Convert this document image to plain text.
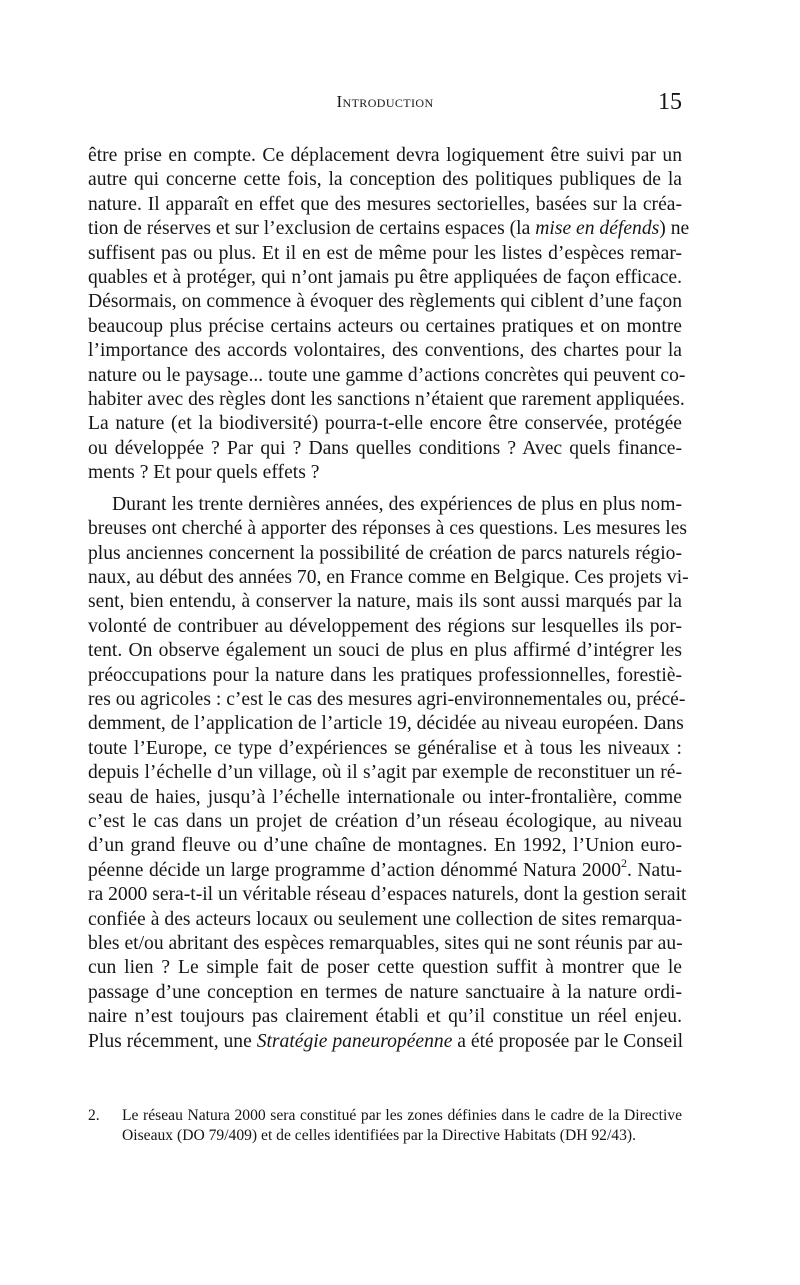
Introduction	15
être prise en compte. Ce déplacement devra logiquement être suivi par un
autre qui concerne cette fois, la conception des politiques publiques de la
nature. Il apparaît en effet que des mesures sectorielles, basées sur la créa-
tion de réserves et sur l’exclusion de certains espaces (la mise en défends) ne
suffisent pas ou plus. Et il en est de même pour les listes d’espèces remar-
quables et à protéger, qui n’ont jamais pu être appliquées de façon efficace.
Désormais, on commence à évoquer des règlements qui ciblent d’une façon
beaucoup plus précise certains acteurs ou certaines pratiques et on montre
l’importance des accords volontaires, des conventions, des chartes pour la
nature ou le paysage... toute une gamme d’actions concrètes qui peuvent co-
habiter avec des règles dont les sanctions n’étaient que rarement appliquées.
La nature (et la biodiversité) pourra-t-elle encore être conservée, protégée
ou développée ? Par qui ? Dans quelles conditions ? Avec quels finance-
ments ? Et pour quels effets ?
Durant les trente dernières années, des expériences de plus en plus nom-
breuses ont cherché à apporter des réponses à ces questions. Les mesures les
plus anciennes concernent la possibilité de création de parcs naturels régio-
naux, au début des années 70, en France comme en Belgique. Ces projets vi-
sent, bien entendu, à conserver la nature, mais ils sont aussi marqués par la
volonté de contribuer au développement des régions sur lesquelles ils por-
tent. On observe également un souci de plus en plus affirmé d’intégrer les
préoccupations pour la nature dans les pratiques professionnelles, forestiè-
res ou agricoles : c’est le cas des mesures agri-environnementales ou, précé-
demment, de l’application de l’article 19, décidée au niveau européen. Dans
toute l’Europe, ce type d’expériences se généralise et à tous les niveaux :
depuis l’échelle d’un village, où il s’agit par exemple de reconstituer un ré-
seau de haies, jusqu’à l’échelle internationale ou inter-frontalière, comme
c’est le cas dans un projet de création d’un réseau écologique, au niveau
d’un grand fleuve ou d’une chaîne de montagnes. En 1992, l’Union euro-
péenne décide un large programme d’action dénommé Natura 2000$^2$. Natu-
ra 2000 sera-t-il un véritable réseau d’espaces naturels, dont la gestion serait
confiée à des acteurs locaux ou seulement une collection de sites remarqua-
bles et/ou abritant des espèces remarquables, sites qui ne sont réunis par au-
cun lien ? Le simple fait de poser cette question suffit à montrer que le
passage d’une conception en termes de nature sanctuaire à la nature ordi-
naire n’est toujours pas clairement établi et qu’il constitue un réel enjeu.
Plus récemment, une Stratégie paneuropéenne a été proposée par le Conseil
2. Le réseau Natura 2000 sera constitué par les zones définies dans le cadre de la Directive
Oiseaux (DO 79/409) et de celles identifiées par la Directive Habitats (DH 92/43).
